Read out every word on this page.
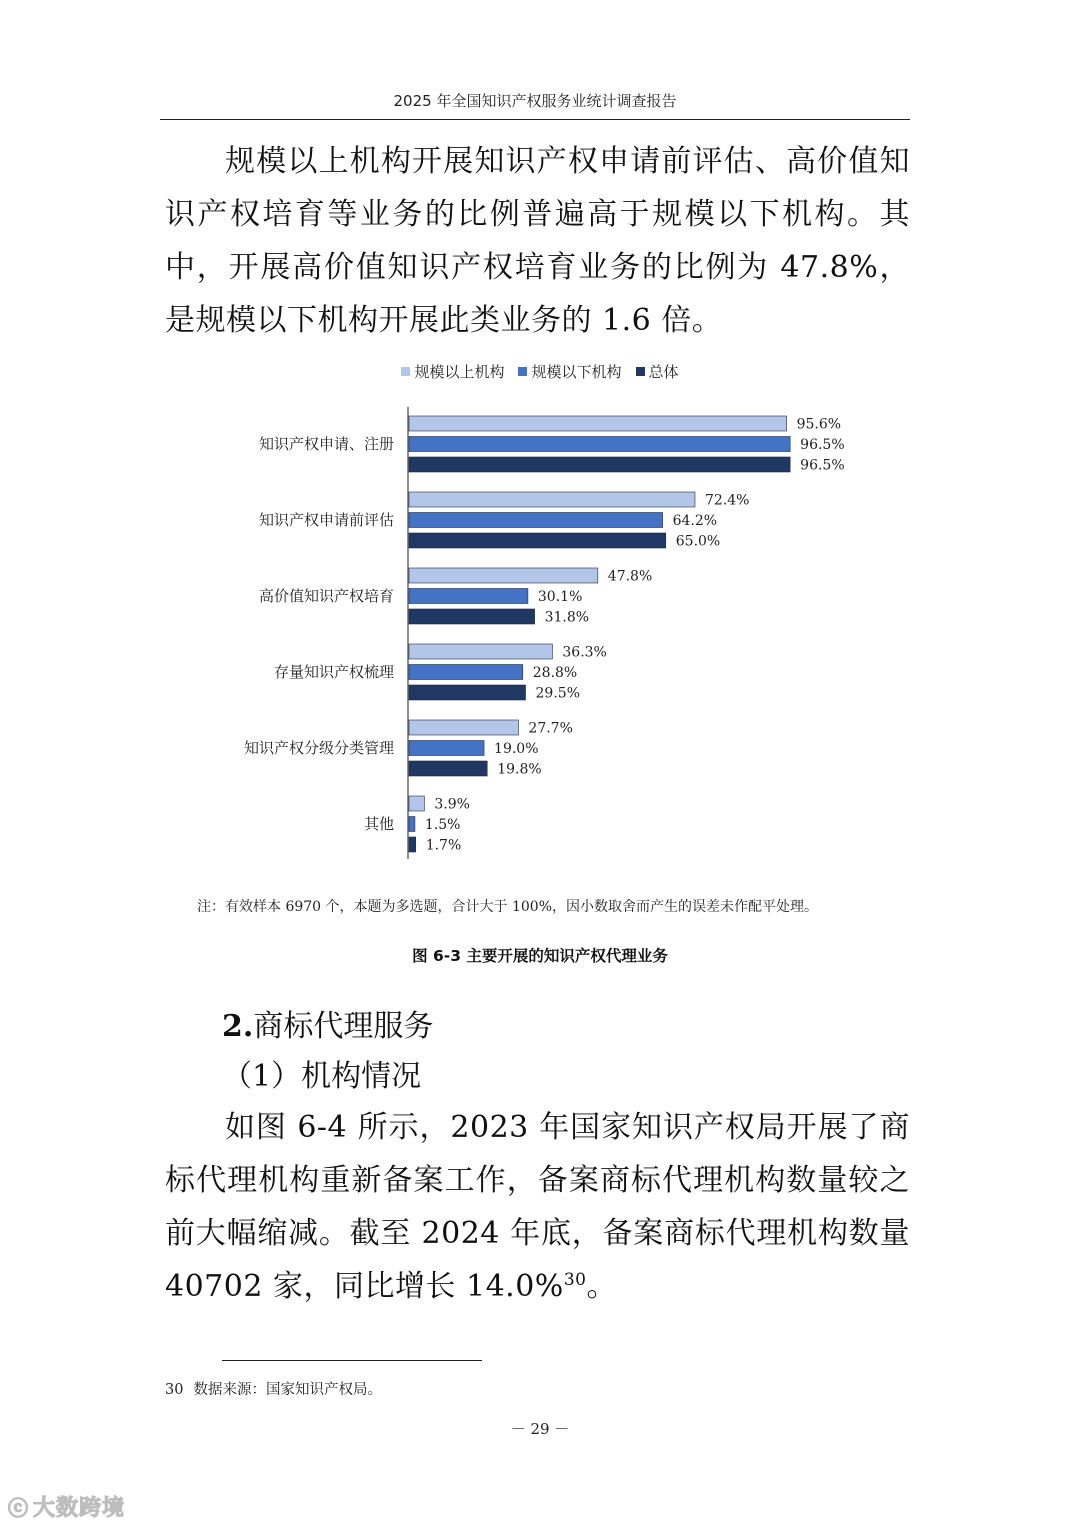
2025 年全国知识产权服务业统计调查报告

规模以上机构开展知识产权申请前评估、高价值知识产权培育等业务的比例普遍高于规模以下机构。其中，开展高价值知识产权培育业务的比例为 47.8%，是规模以下机构开展此类业务的 1.6 倍。

规模以上机构 规模以下机构 总体
知识产权申请、注册
95.6%
96.5%
96.5%
知识产权申请前评估
72.4%
64.2%
65.0%
高价值知识产权培育
47.8%
30.1%
31.8%
存量知识产权梳理
36.3%
28.8%
29.5%
知识产权分级分类管理
27.7%
19.0%
19.8%
其他
3.9%
1.5%
1.7%
注：有效样本 6970 个，本题为多选题，合计大于 100%，因小数取舍而产生的误差未作配平处理。
图 6-3 主要开展的知识产权代理业务
2.商标代理服务
（1）机构情况

如图 6-4 所示，2023 年国家知识产权局开展了商标代理机构重新备案工作，备案商标代理机构数量较之前大幅缩减。截至 2024 年底，备案商标代理机构数量 40702 家，同比增长 14.0%$^{30}$。

30 数据来源：国家知识产权局。
－ 29 －
ⓒ 大数跨境
